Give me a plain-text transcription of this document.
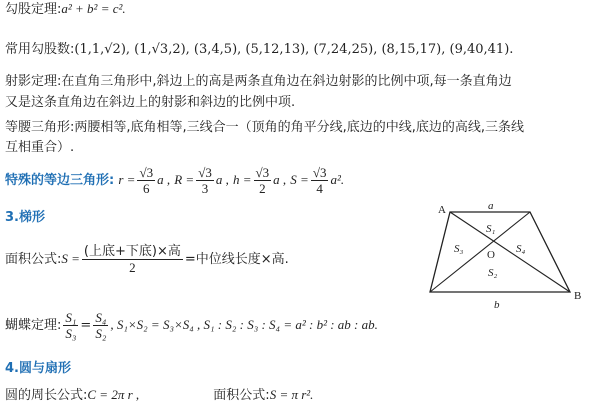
勾股定理:a² + b² = c².
常用勾股数:(1,1,√2), (1,√3,2), (3,4,5), (5,12,13), (7,24,25), (8,15,17), (9,40,41).
射影定理:在直角三角形中,斜边上的高是两条直角边在斜边射影的比例中项,每一条直角边
又是这条直角边在斜边上的射影和斜边的比例中项.
等腰三角形:两腰相等,底角相等,三线合一（顶角的角平分线,底边的中线,底边的高线,三条线
互相重合）.
特殊的等边三角形: $r = \frac{√3}{6}$ a , $R = \frac{√3}{3}$ a , $h = \frac{√3}{2}$ a , $S = \frac{√3}{4} a^2$.
3.梯形
面积公式:S = $\frac{\text{(上底+下底)×高}}{2}$ =中位线长度×高.
蝴蝶定理: $\frac{\text{S₁}}{\text{S₃}} = \frac{\text{S₄}}{\text{S₂}}$ , S₁×S₂ = S₃×S₄ , S₁ : S₂ : S₃ : S₄ = a² : b² : ab : ab.
4.圆与扇形
圆的周长公式:C = 2π r ,	面积公式:S = π r².
A
B
a
b
O
S₁
S₂
S₃	S₄
